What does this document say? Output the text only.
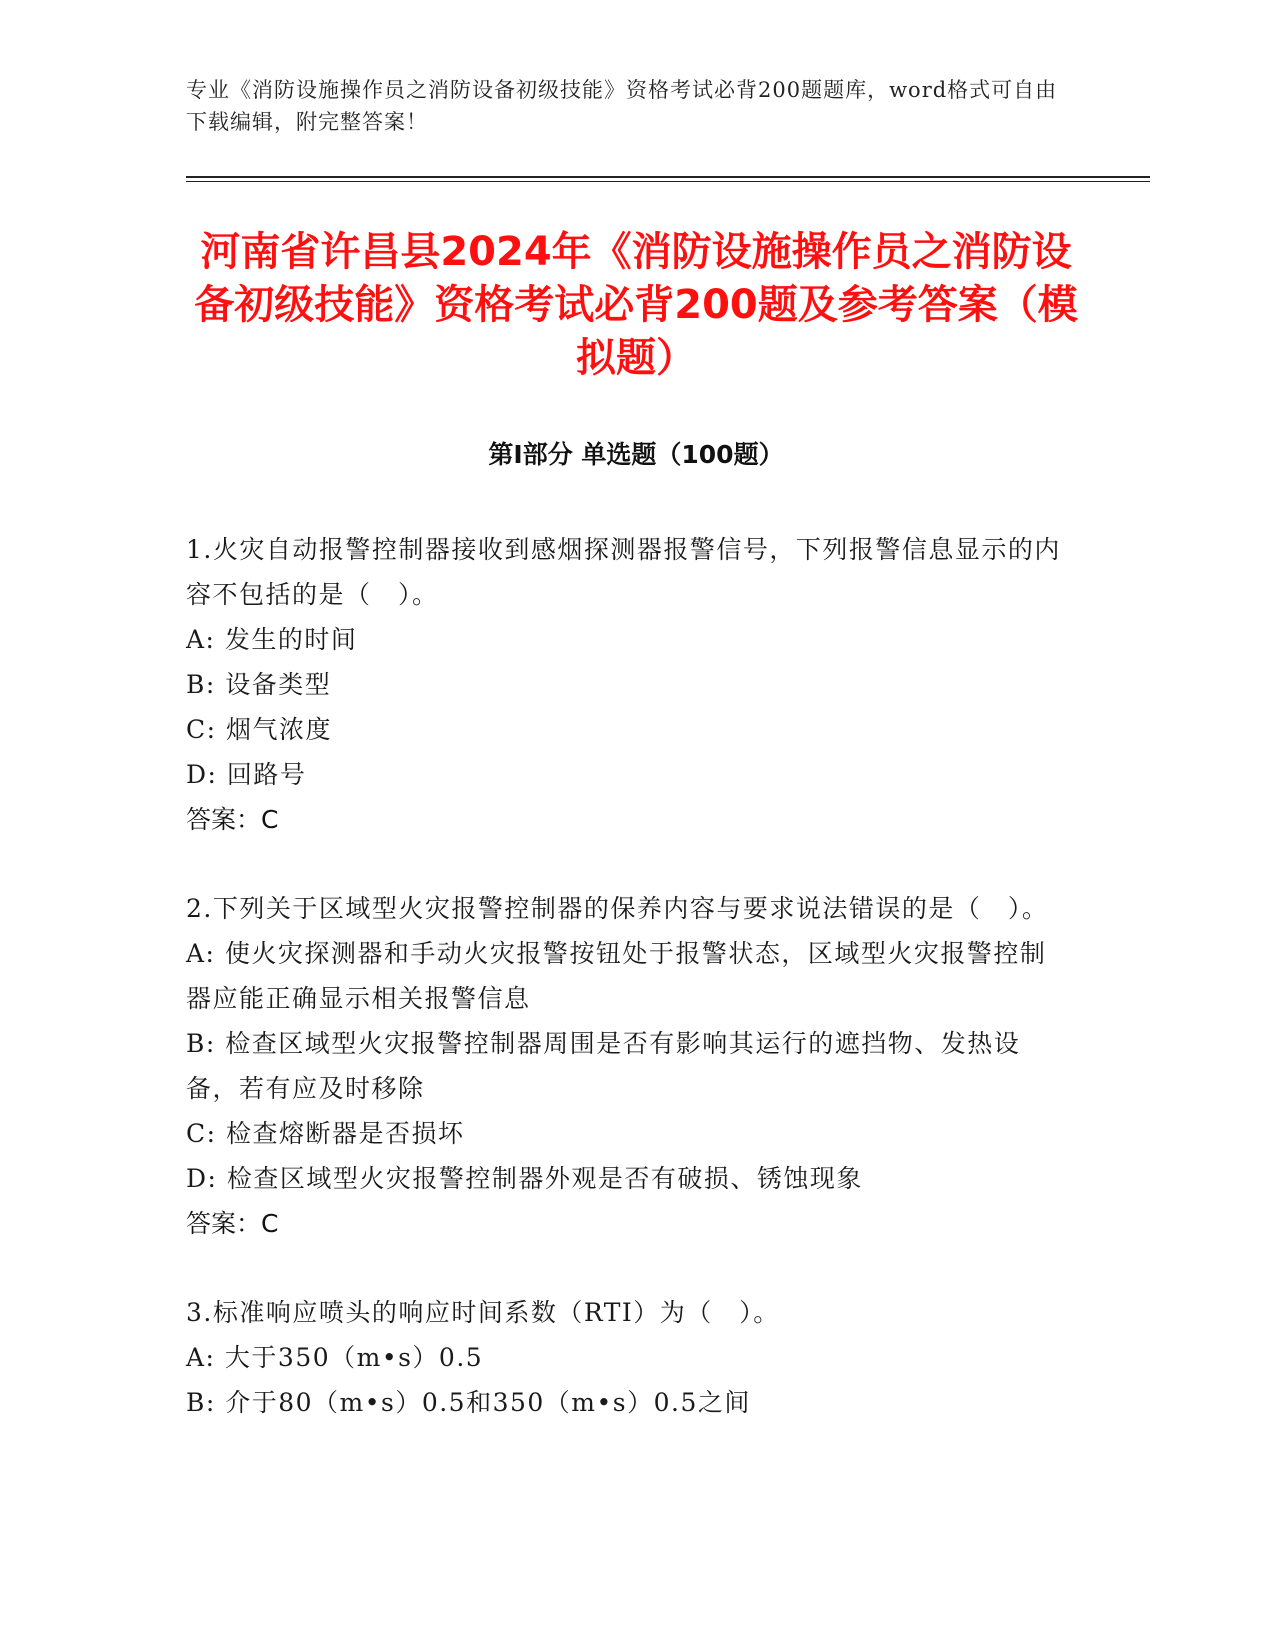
专业《消防设施操作员之消防设备初级技能》资格考试必背200题题库，word格式可自由下载编辑，附完整答案！
河南省许昌县2024年《消防设施操作员之消防设备初级技能》资格考试必背200题及参考答案（模拟题）
第I部分 单选题（100题）

1.火灾自动报警控制器接收到感烟探测器报警信号，下列报警信息显示的内容不包括的是（　）。

A: 发生的时间

B: 设备类型

C: 烟气浓度

D: 回路号

答案：C

2.下列关于区域型火灾报警控制器的保养内容与要求说法错误的是（　）。

A: 使火灾探测器和手动火灾报警按钮处于报警状态，区域型火灾报警控制器应能正确显示相关报警信息

B: 检查区域型火灾报警控制器周围是否有影响其运行的遮挡物、发热设备，若有应及时移除

C: 检查熔断器是否损坏

D: 检查区域型火灾报警控制器外观是否有破损、锈蚀现象

答案：C

3.标准响应喷头的响应时间系数（RTI）为（　）。

A: 大于350（m•s）0.5

B: 介于80（m•s）0.5和350（m•s）0.5之间
